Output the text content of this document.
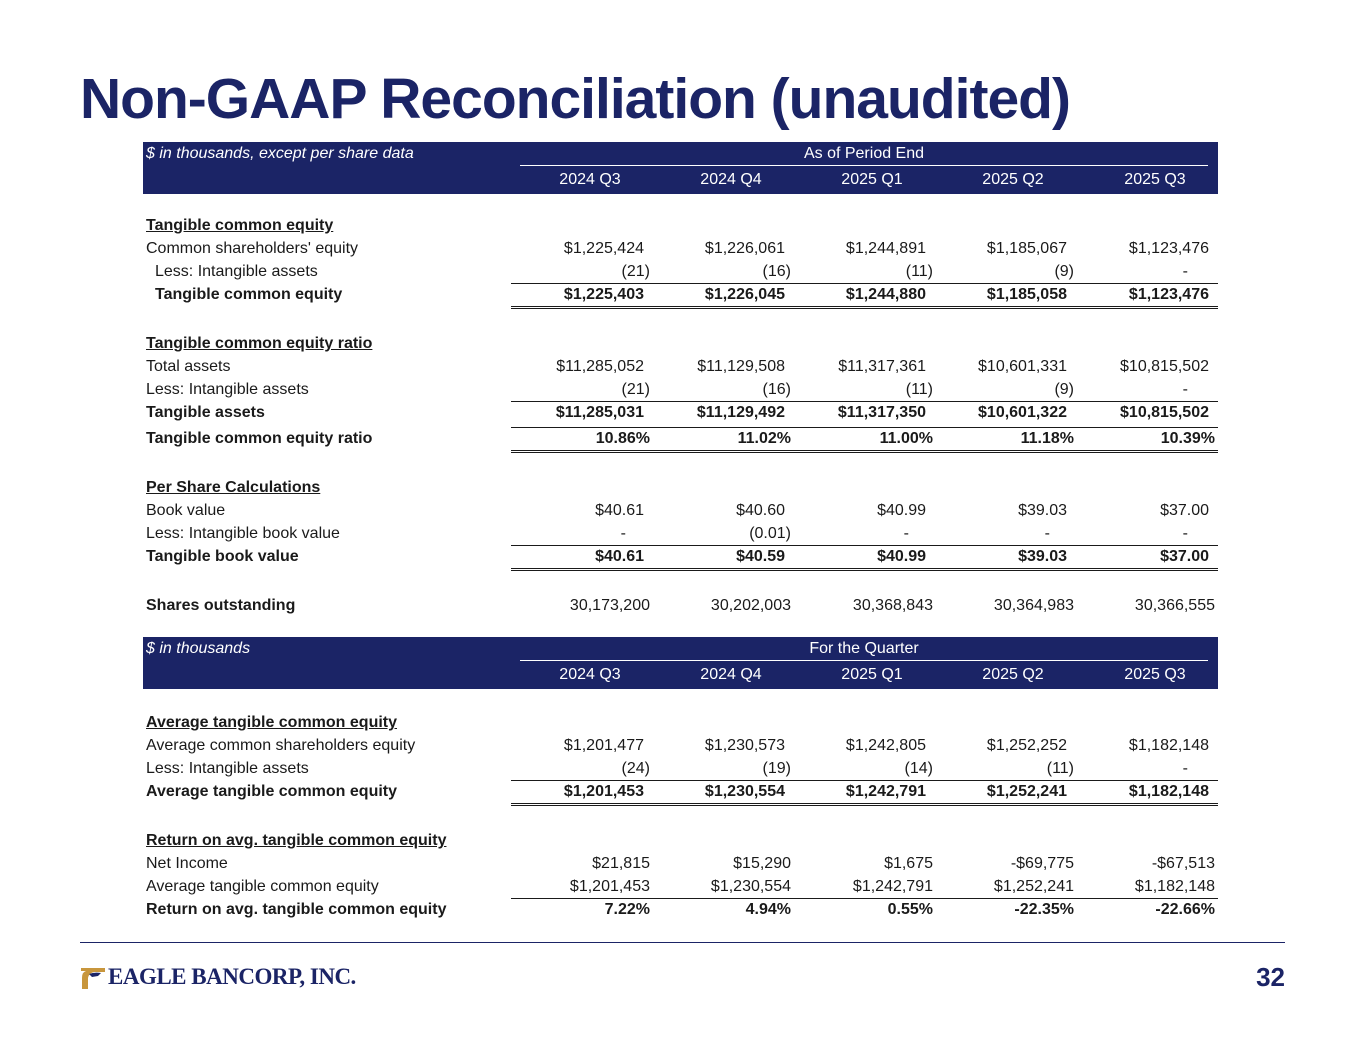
Non-GAAP Reconciliation (unaudited)
$ in thousands, except per share data	As of Period End
2024 Q3	2024 Q4	2025 Q1	2025 Q2	2025 Q3
Tangible common equity
Common shareholders' equity	$1,225,424	$1,226,061	$1,244,891	$1,185,067	$1,123,476
Less: Intangible assets	(21)	(16)	(11)	(9)	-
Tangible common equity	$1,225,403	$1,226,045	$1,244,880	$1,185,058	$1,123,476
Tangible common equity ratio
Total assets	$11,285,052	$11,129,508	$11,317,361	$10,601,331	$10,815,502
Less: Intangible assets	(21)	(16)	(11)	(9)	-
Tangible assets	$11,285,031	$11,129,492	$11,317,350	$10,601,322	$10,815,502
Tangible common equity ratio	10.86%	11.02%	11.00%	11.18%	10.39%
Per Share Calculations
Book value	$40.61	$40.60	$40.99	$39.03	$37.00
Less: Intangible book value	-	(0.01)	-	-	-
Tangible book value	$40.61	$40.59	$40.99	$39.03	$37.00
Shares outstanding	30,173,200	30,202,003	30,368,843	30,364,983	30,366,555
$ in thousands	For the Quarter
2024 Q3	2024 Q4	2025 Q1	2025 Q2	2025 Q3
Average tangible common equity
Average common shareholders equity	$1,201,477	$1,230,573	$1,242,805	$1,252,252	$1,182,148
Less: Intangible assets	(24)	(19)	(14)	(11)	-
Average tangible common equity	$1,201,453	$1,230,554	$1,242,791	$1,252,241	$1,182,148
Return on avg. tangible common equity
Net Income	$21,815	$15,290	$1,675	-$69,775	-$67,513
Average tangible common equity	$1,201,453	$1,230,554	$1,242,791	$1,252,241	$1,182,148
Return on avg. tangible common equity	7.22%	4.94%	0.55%	-22.35%	-22.66%
EAGLE BANCORP, INC.	32
